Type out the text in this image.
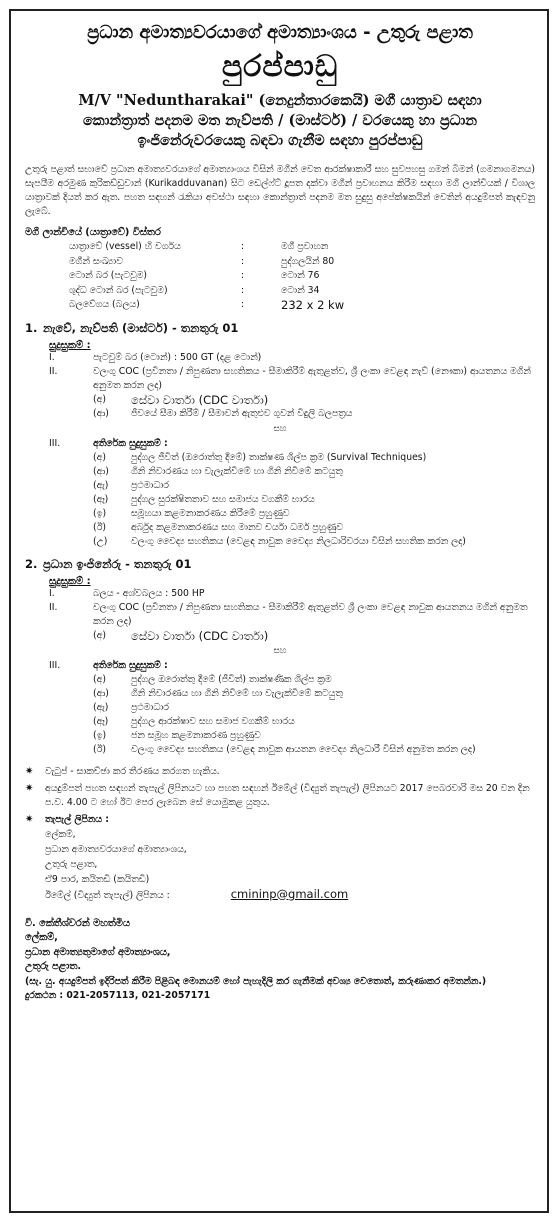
ප්‍රධාන අමාත්‍යවරයාගේ අමාත්‍යාංශය - උතුරු පළාත
පුරප්පාඩු
M/V "Neduntharakai" (නෙදුන්තාරකෙයි) මගී යාත්‍රාව සඳහා
කොන්ත්‍රාත් පදනම මත නැව්පති / (මාස්ටර්) / වරයෙකු හා ප්‍රධාන
ඉංජිනේරුවරයෙකු බඳවා ගැනීම සඳහා පුරප්පාඩු
උතුරු පළාත් සභාවේ ප්‍රධාන අමාත්‍යවරයාගේ අමාත්‍යාංශය විසින් මගීන් වෙත ආරක්ෂාකාරී සහ සුවපහසු ගමන් බිමන් (ගමනාගමනය) සැපයීම අරමුණ කුරිකඩ්ඩුවාන් (Kurikadduvanan) සිට ඩෙල්ෆ්ට් දූපත දක්වා මගීන් ප්‍රවාහනය කිරීම සඳහා මගී ලාන්චියක් / විශාල යාත්‍රාවක් දියත් කර ඇත. පහත සඳහන් රැකියා අවස්ථා සඳහා කොන්ත්‍රාත් පදනම මත සුදුසු අපේක්ෂකයින් වෙතින් අයදුම්පත් කැඳවනු ලැබේ.
මගී ලාන්චියේ (යාත්‍රාවේ) විස්තර
යාත්‍රාවේ (vessel) හි වර්ගය	:	මගී ප්‍රවාහන
මගීන් සංඛ්‍යාව	:	පුද්ගලයින් 80
ටොන් බර (පැටවුම)	:	ටොන් 76
ශුද්ධ ටොන් බර (පැටවුම)	:	ටොන් 34
බලවේගය (බලය)	:	232 x 2 kw
1. නැවේ, නැව්පති (මාස්ටර්) - තනතුරු 01
සුදුසුකම් :
I.	පැටවුම් බර (ටොන්) : 500 GT (දළ ටොන්)
II.	වලංගු COC (ප්‍රවීනතා / නිපුණතා සහතිකය - සීමාකිරීම් ඇතුළත්ව, ශ්‍රී ලංකා වෙළඳ නැව් (නෞකා) ආයතනය මගින් අනුමත කරන ලද)
(අ)	සේවා වාර්තා (CDC වාර්තා)
(ආ)	ජීවයේ සීමා කිරීම් / සීමාවන් ඇතුළුව ගුවන් විදුලි බලපත්‍රය
සහ
III.	අතිරේක සුදුසුකම් :
(අ)	පුද්ගල ජීවිත් (ඔරොත්තු දීමේ) තාක්ෂණ ශිල්ප ක්‍රම (Survival Techniques)
(ආ)	ගිනි නිවාරණය හා වැලැක්වීමේ හා ගිනි නිවීමේ කටයුතු
(ඇ)	ප්‍රථමාධාර
(ඈ)	පුද්ගල සුරක්ෂිතතාව සහ සමාජය වගකීම් භාරය
(ඉ)	සමූහයා කළමනාකරණය කිරීමේ ප්‍රහුණුව
(ඊ)	අර්බුද කළමනාකරණය සහ මානව චර්යා ධර්ම ප්‍රහුණුව
(උ)	වලංගු වෛද්‍ය සහතිකය (වෙළඳ නාවුක වෛද්‍ය නිලධාරිවරයා විසින් සහතික කරන ලද)
2. ප්‍රධාන ඉංජිනේරු - තනතුරු 01
සුදුසුකම් :
I.	බලය - අශ්වබලය : 500 HP
II.	වලංගු COC (ප්‍රවීනතා / නිපුණතා සහතිකය - සීමාකිරීම් ඇතුළත්ව ශ්‍රී ලංකා වෙළඳ නාවුක ආයතනය මගින් අනුමත කරන ලද)
(අ)	සේවා වාර්තා (CDC වාර්තා)
සහ
III.	අතිරේක සුදුසුකම් :
(අ)	පුද්ගල ඔරොත්තු දීමේ (ජීවිත්) තාක්ෂණික ශිල්ප ක්‍රම
(ආ)	ගිනි නිවාරණය හා ගිනි නිවීමේ හා වැලැක්වීමේ කටයුතු
(ඇ)	ප්‍රථමාධාර
(ඈ)	පුද්ගල ආරක්ෂාව සහ සමාජ වගකීම් භාරය
(ඉ)	ජන සමූහ කළමනාකරණ ප්‍රහුණුව
(ඊ)	වලංගු වෛද්‍ය සහතිකය (වෙළඳ නාවුක ආයතන වෛද්‍ය නිලධාරී විසින් අනුමත කරන ලද)
✷	වැටුප් - සාකච්ඡා කර තීරණය කරගත හැකිය.
✷	අයදුම්පත් පහත සඳහන් තැපැල් ලිපිනයට හා පහත සඳහන් ඊමේල් (විද්‍යුත් තැපැල්) ලිපිනයට 2017 පෙබරවාරි මස 20 වන දින ප.ව. 4.00 ට හෝ ඊට පෙර ලැබෙන සේ යොමුකළ යුතුය.
✷	තැපැල් ලිපිනය :
ලේකම්,
ප්‍රධාන අමාත්‍යවරයාගේ අමාත්‍යාංශය,
උතුරු පළාත,
ඒ9 පාර, කයිතඩි (කයිතඩි)
ඊමේල් (විද්‍යුත් තැපැල්) ලිපිනය :	cmininp@gmail.com
වී. කේතීශ්වරන් මහත්මිය
ලේකම්,
ප්‍රධාන අමාත්‍යතුමාගේ අමාත්‍යාංශය,
උතුරු පළාත.
(සැ. යු. අයදුම්පත් ඉදිරිපත් කිරීම පිළිබඳ මොනයම් හෝ පැහැදිලි කර ගැනීමක් අවශ්‍ය වෙතොත්, කරුණාකර අමතන්න.)
දුරකථන : 021-2057113, 021-2057171
